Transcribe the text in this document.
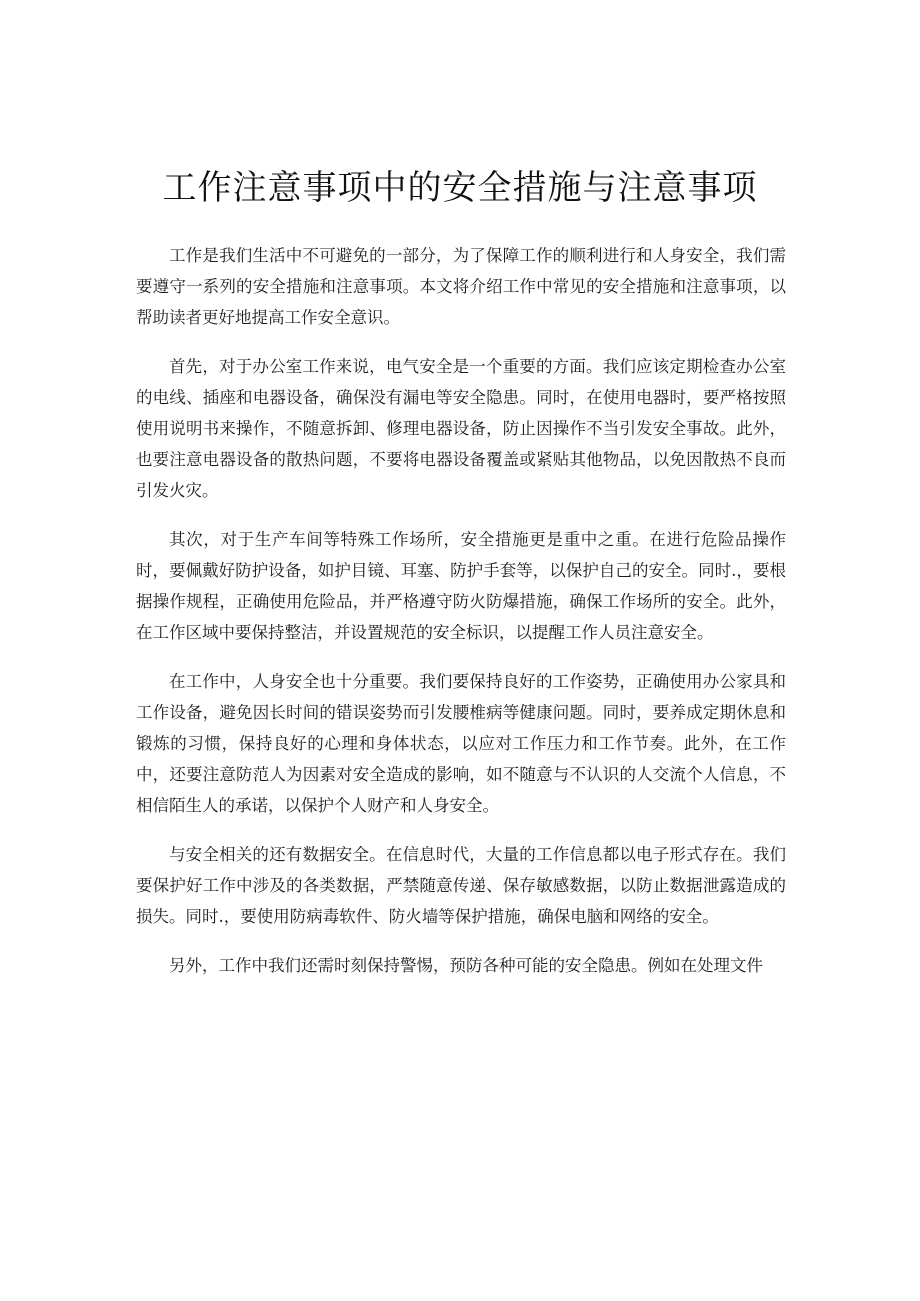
工作注意事项中的安全措施与注意事项

工作是我们生活中不可避免的一部分，为了保障工作的顺利进行和人身安全，我们需要遵守一系列的安全措施和注意事项。本文将介绍工作中常见的安全措施和注意事项，以帮助读者更好地提高工作安全意识。

首先，对于办公室工作来说，电气安全是一个重要的方面。我们应该定期检查办公室的电线、插座和电器设备，确保没有漏电等安全隐患。同时，在使用电器时，要严格按照使用说明书来操作，不随意拆卸、修理电器设备，防止因操作不当引发安全事故。此外，也要注意电器设备的散热问题，不要将电器设备覆盖或紧贴其他物品，以免因散热不良而引发火灾。

其次，对于生产车间等特殊工作场所，安全措施更是重中之重。在进行危险品操作时，要佩戴好防护设备，如护目镜、耳塞、防护手套等，以保护自己的安全。同时.，要根据操作规程，正确使用危险品，并严格遵守防火防爆措施，确保工作场所的安全。此外，在工作区域中要保持整洁，并设置规范的安全标识，以提醒工作人员注意安全。

在工作中，人身安全也十分重要。我们要保持良好的工作姿势，正确使用办公家具和工作设备，避免因长时间的错误姿势而引发腰椎病等健康问题。同时，要养成定期休息和锻炼的习惯，保持良好的心理和身体状态，以应对工作压力和工作节奏。此外，在工作中，还要注意防范人为因素对安全造成的影响，如不随意与不认识的人交流个人信息，不相信陌生人的承诺，以保护个人财产和人身安全。

与安全相关的还有数据安全。在信息时代，大量的工作信息都以电子形式存在。我们要保护好工作中涉及的各类数据，严禁随意传递、保存敏感数据，以防止数据泄露造成的损失。同时.，要使用防病毒软件、防火墙等保护措施，确保电脑和网络的安全。

另外，工作中我们还需时刻保持警惕，预防各种可能的安全隐患。例如在处理文件
